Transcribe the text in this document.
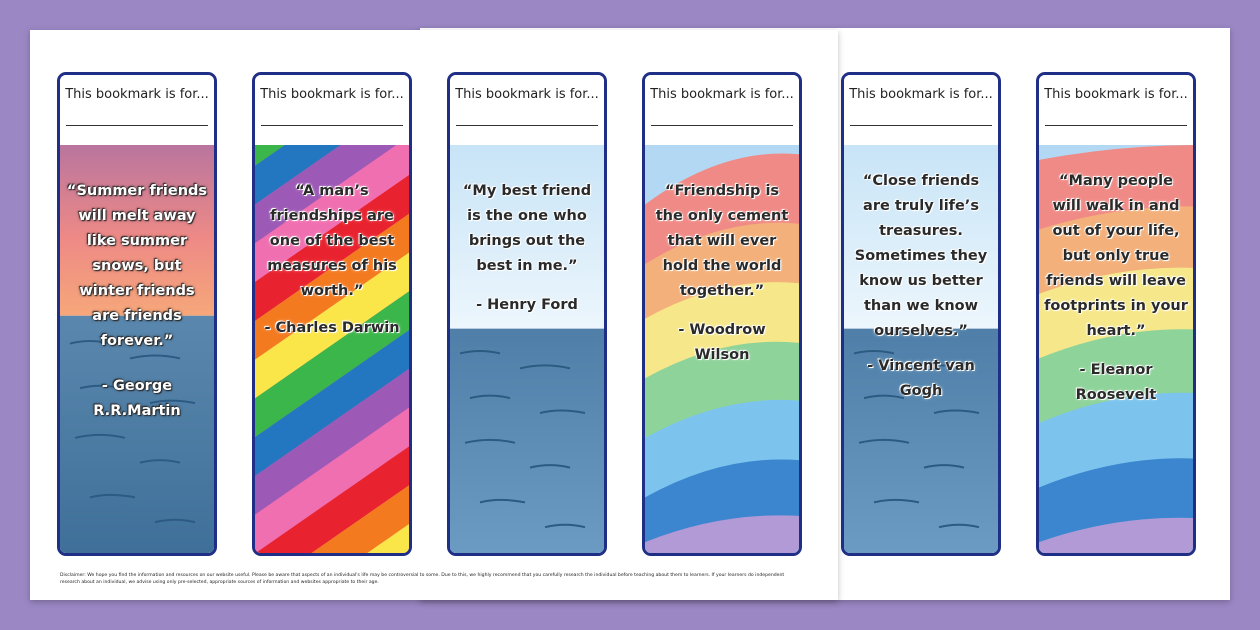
This bookmark is for...
“Summer friends will melt away like summer snows, but winter friends are friends forever.”
- George R.R.Martin
This bookmark is for...
“A man’s friendships are one of the best measures of his worth.”
- Charles Darwin
This bookmark is for...
“My best friend is the one who brings out the best in me.”
- Henry Ford
This bookmark is for...
“Friendship is the only cement that will ever hold the world together.”
- Woodrow Wilson
This bookmark is for...
“Close friends are truly life’s treasures. Sometimes they know us better than we know ourselves.”
- Vincent van Gogh
This bookmark is for...
“Many people will walk in and out of your life, but only true friends will leave footprints in your heart.”
- Eleanor Roosevelt
Disclaimer: We hope you find the information and resources on our website useful. Please be aware that aspects of an individual's life may be controversial to some. Due to this, we highly recommend that you carefully research the individual before teaching about them to learners. If your learners do independent research about an individual, we advise using only pre-selected, appropriate sources of information and websites appropriate to their age.
